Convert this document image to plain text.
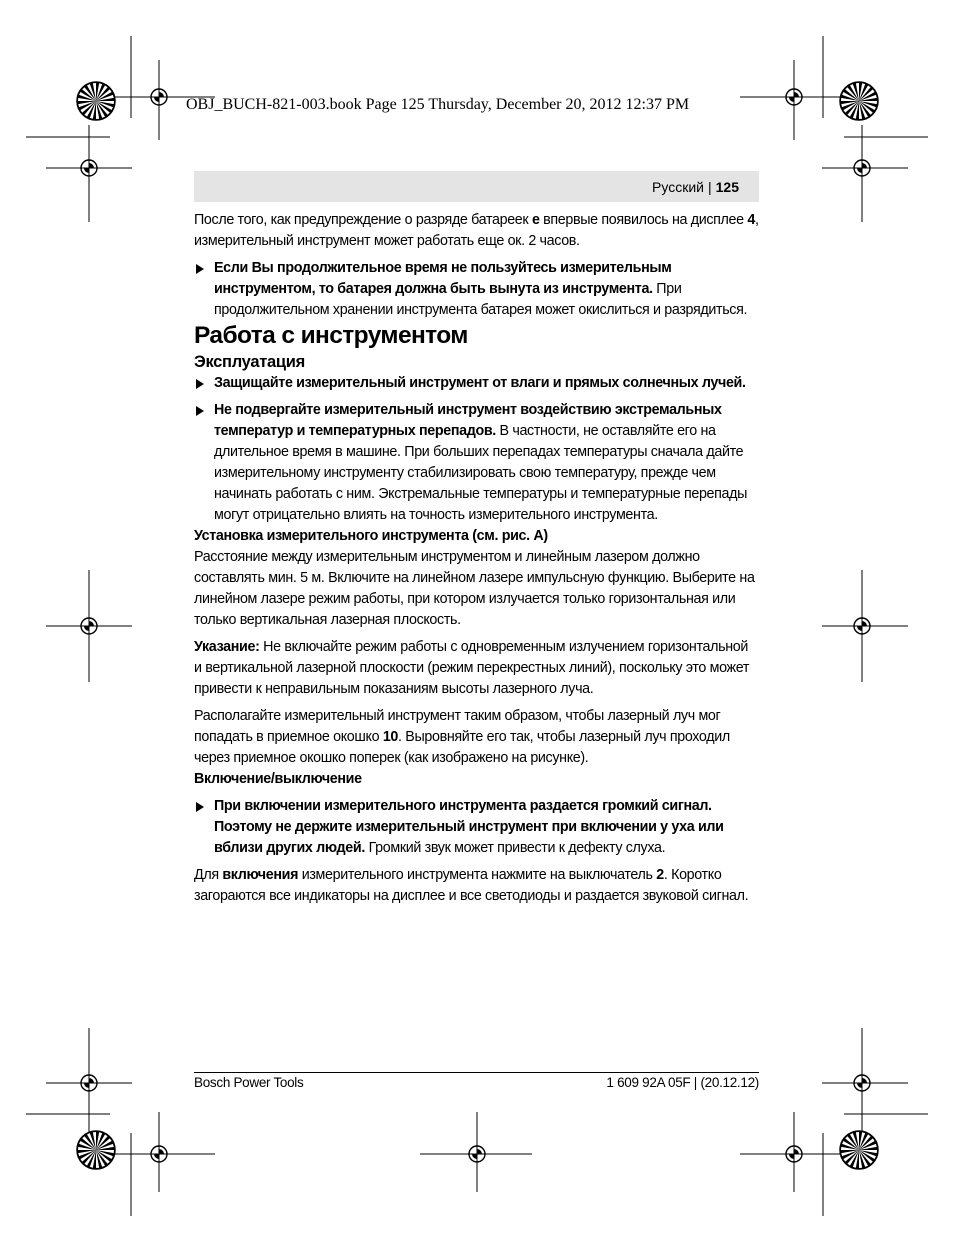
OBJ_BUCH-821-003.book Page 125 Thursday, December 20, 2012 12:37 PM
Русский | 125

После того, как предупреждение о разряде батареек e впервые появилось на дисплее 4, измерительный инструмент может работать еще ок. 2 часов.

Если Вы продолжительное время не пользуйтесь измерительным инструментом, то батарея должна быть вынута из инструмента. При продолжительном хранении инструмента батарея может окислиться и разрядиться.

Работа с инструментом

Эксплуатация

Защищайте измерительный инструмент от влаги и прямых солнечных лучей.

Не подвергайте измерительный инструмент воздействию экстремальных температур и температурных перепадов. В частности, не оставляйте его на длительное время в машине. При больших перепадах температуры сначала дайте измерительному инструменту стабилизировать свою температуру, прежде чем начинать работать с ним. Экстремальные температуры и температурные перепады могут отрицательно влиять на точность измерительного инструмента.

Установка измерительного инструмента (см. рис. А)

Расстояние между измерительным инструментом и линейным лазером должно составлять мин. 5 м. Включите на линейном лазере импульсную функцию. Выберите на линейном лазере режим работы, при котором излучается только горизонтальная или только вертикальная лазерная плоскость.

Указание: Не включайте режим работы с одновременным излучением горизонтальной и вертикальной лазерной плоскости (режим перекрестных линий), поскольку это может привести к неправильным показаниям высоты лазерного луча.

Располагайте измерительный инструмент таким образом, чтобы лазерный луч мог попадать в приемное окошко 10. Выровняйте его так, чтобы лазерный луч проходил через приемное окошко поперек (как изображено на рисунке).

Включение/выключение

При включении измерительного инструмента раздается громкий сигнал. Поэтому не держите измерительный инструмент при включении у уха или вблизи других людей. Громкий звук может привести к дефекту слуха.

Для включения измерительного инструмента нажмите на выключатель 2. Коротко загораются все индикаторы на дисплее и все светодиоды и раздается звуковой сигнал.

Bosch Power Tools	1 609 92A 05F | (20.12.12)
